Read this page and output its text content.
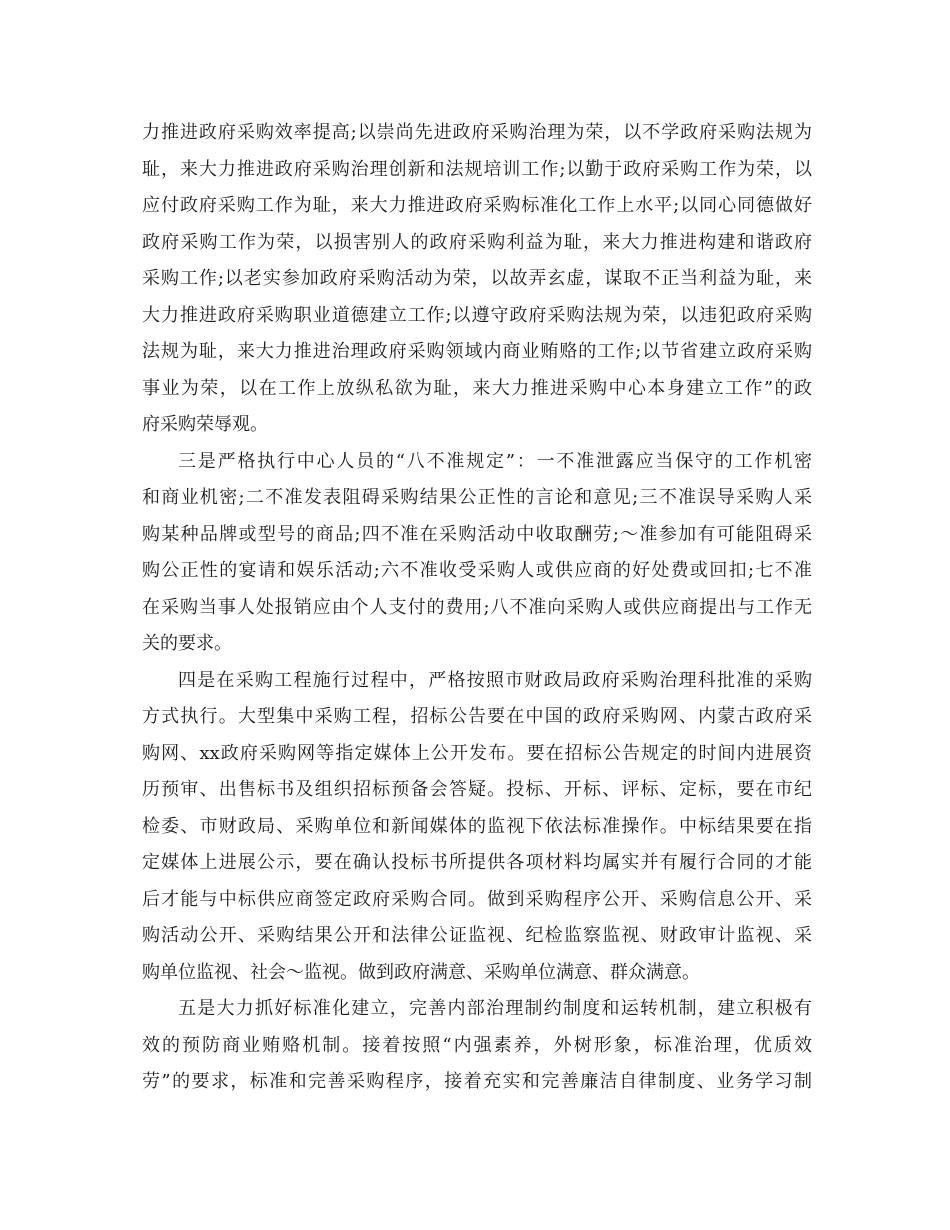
力推进政府采购效率提高;以崇尚先进政府采购治理为荣，以不学政府采购法规为
耻，来大力推进政府采购治理创新和法规培训工作;以勤于政府采购工作为荣，以
应付政府采购工作为耻，来大力推进政府采购标准化工作上水平;以同心同德做好
政府采购工作为荣，以损害别人的政府采购利益为耻，来大力推进构建和谐政府
采购工作;以老实参加政府采购活动为荣，以故弄玄虚，谋取不正当利益为耻，来
大力推进政府采购职业道德建立工作;以遵守政府采购法规为荣，以违犯政府采购
法规为耻，来大力推进治理政府采购领域内商业贿赂的工作;以节省建立政府采购
事业为荣，以在工作上放纵私欲为耻，来大力推进采购中心本身建立工作”的政
府采购荣辱观。
三是严格执行中心人员的“八不准规定”：一不准泄露应当保守的工作机密
和商业机密;二不准发表阻碍采购结果公正性的言论和意见;三不准误导采购人采
购某种品牌或型号的商品;四不准在采购活动中收取酬劳;～准参加有可能阻碍采
购公正性的宴请和娱乐活动;六不准收受采购人或供应商的好处费或回扣;七不准
在采购当事人处报销应由个人支付的费用;八不准向采购人或供应商提出与工作无
关的要求。
四是在采购工程施行过程中，严格按照市财政局政府采购治理科批准的采购
方式执行。大型集中采购工程，招标公告要在中国的政府采购网、内蒙古政府采
购网、xx政府采购网等指定媒体上公开发布。要在招标公告规定的时间内进展资
历预审、出售标书及组织招标预备会答疑。投标、开标、评标、定标，要在市纪
检委、市财政局、采购单位和新闻媒体的监视下依法标准操作。中标结果要在指
定媒体上进展公示，要在确认投标书所提供各项材料均属实并有履行合同的才能
后才能与中标供应商签定政府采购合同。做到采购程序公开、采购信息公开、采
购活动公开、采购结果公开和法律公证监视、纪检监察监视、财政审计监视、采
购单位监视、社会～监视。做到政府满意、采购单位满意、群众满意。
五是大力抓好标准化建立，完善内部治理制约制度和运转机制，建立积极有
效的预防商业贿赂机制。接着按照“内强素养，外树形象，标准治理，优质效
劳”的要求，标准和完善采购程序，接着充实和完善廉洁自律制度、业务学习制
